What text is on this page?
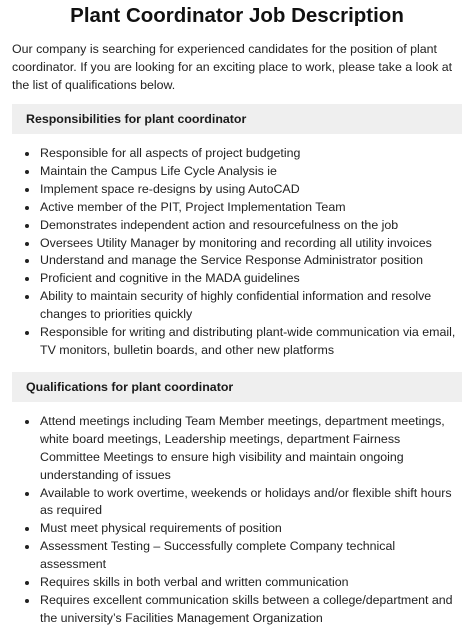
Plant Coordinator Job Description

Our company is searching for experienced candidates for the position of plant coordinator. If you are looking for an exciting place to work, please take a look at the list of qualifications below.

Responsibilities for plant coordinator
Responsible for all aspects of project budgeting
Maintain the Campus Life Cycle Analysis ie
Implement space re-designs by using AutoCAD
Active member of the PIT, Project Implementation Team
Demonstrates independent action and resourcefulness on the job
Oversees Utility Manager by monitoring and recording all utility invoices
Understand and manage the Service Response Administrator position
Proficient and cognitive in the MADA guidelines
Ability to maintain security of highly confidential information and resolve changes to priorities quickly
Responsible for writing and distributing plant-wide communication via email, TV monitors, bulletin boards, and other new platforms
Qualifications for plant coordinator
Attend meetings including Team Member meetings, department meetings, white board meetings, Leadership meetings, department Fairness Committee Meetings to ensure high visibility and maintain ongoing understanding of issues
Available to work overtime, weekends or holidays and/or flexible shift hours as required
Must meet physical requirements of position
Assessment Testing – Successfully complete Company technical assessment
Requires skills in both verbal and written communication
Requires excellent communication skills between a college/department and the university’s Facilities Management Organization
